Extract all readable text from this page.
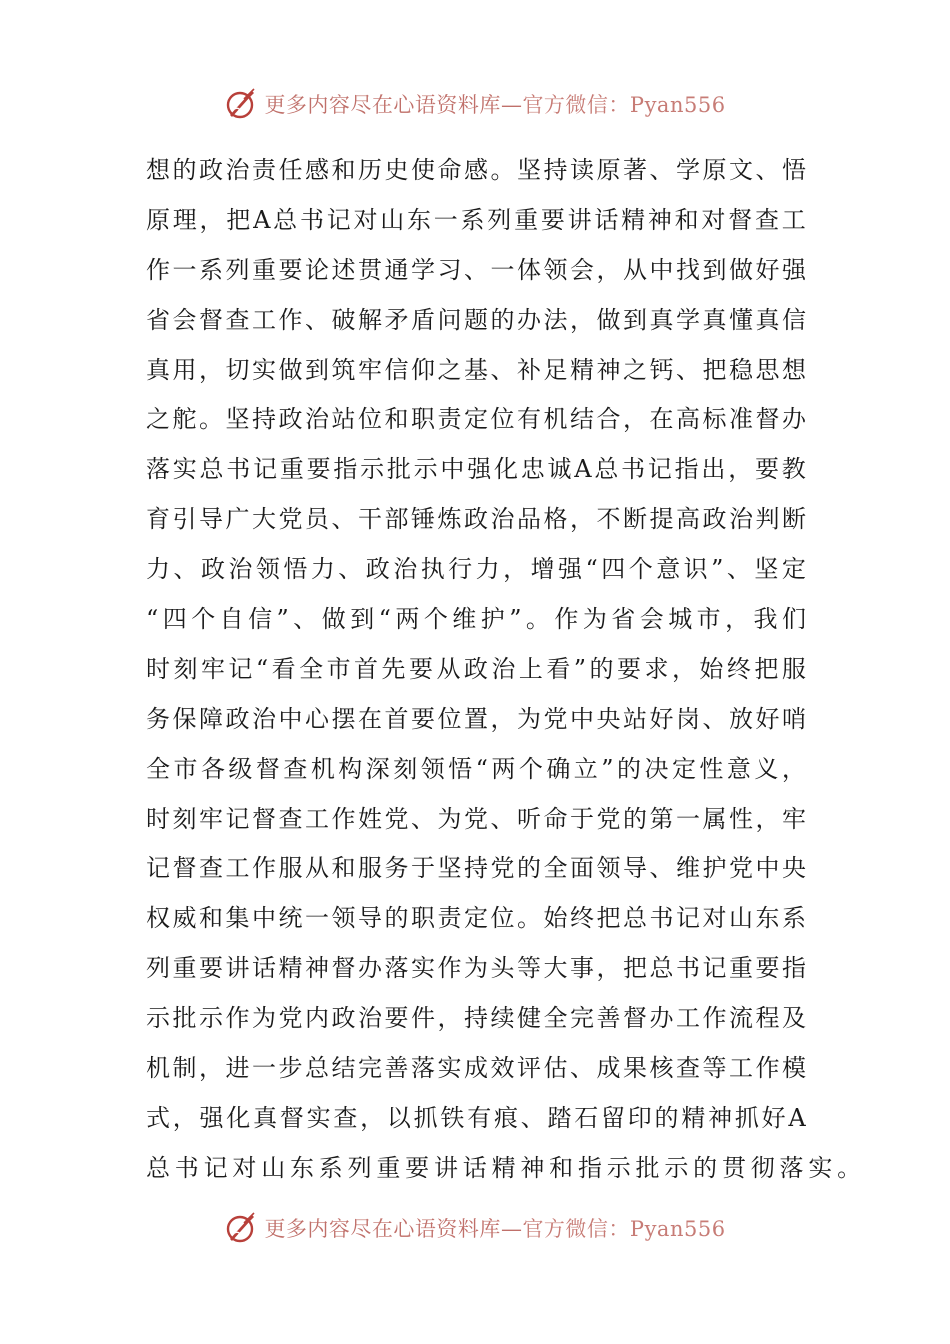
更多内容尽在心语资料库—官方微信：Pyan556
想 的 政 治 责 任 感 和 历 史 使 命 感 。 坚 持 读 原 著 、 学 原 文 、 悟
原 理 ， 把 A 总 书 记 对 山 东 一 系 列 重 要 讲 话 精 神 和 对 督 查 工
作 一 系 列 重 要 论 述 贯 通 学 习 、 一 体 领 会 ， 从 中 找 到 做 好 强
省 会 督 查 工 作 、 破 解 矛 盾 问 题 的 办 法 ， 做 到 真 学 真 懂 真 信
真 用 ， 切 实 做 到 筑 牢 信 仰 之 基 、 补 足 精 神 之 钙 、 把 稳 思 想
之 舵 。 坚 持 政 治 站 位 和 职 责 定 位 有 机 结 合 ， 在 高 标 准 督 办
落 实 总 书 记 重 要 指 示 批 示 中 强 化 忠 诚 A 总 书 记 指 出 ， 要 教
育 引 导 广 大 党 员 、 干 部 锤 炼 政 治 品 格 ， 不 断 提 高 政 治 判 断
力 、 政 治 领 悟 力 、 政 治 执 行 力 ， 增 强 “ 四 个 意 识 ” 、 坚 定
“ 四 个 自 信 ” 、 做 到 “ 两 个 维 护 ” 。 作 为 省 会 城 市 ， 我 们
时 刻 牢 记 “ 看 全 市 首 先 要 从 政 治 上 看 ” 的 要 求 ， 始 终 把 服
务 保 障 政 治 中 心 摆 在 首 要 位 置 ， 为 党 中 央 站 好 岗 、 放 好 哨
全 市 各 级 督 查 机 构 深 刻 领 悟 “ 两 个 确 立 ” 的 决 定 性 意 义 ，
时 刻 牢 记 督 查 工 作 姓 党 、 为 党 、 听 命 于 党 的 第 一 属 性 ， 牢
记 督 查 工 作 服 从 和 服 务 于 坚 持 党 的 全 面 领 导 、 维 护 党 中 央
权 威 和 集 中 统 一 领 导 的 职 责 定 位 。 始 终 把 总 书 记 对 山 东 系
列 重 要 讲 话 精 神 督 办 落 实 作 为 头 等 大 事 ， 把 总 书 记 重 要 指
示 批 示 作 为 党 内 政 治 要 件 ， 持 续 健 全 完 善 督 办 工 作 流 程 及
机 制 ， 进 一 步 总 结 完 善 落 实 成 效 评 估 、 成 果 核 查 等 工 作 模
式 ， 强 化 真 督 实 查 ， 以 抓 铁 有 痕 、 踏 石 留 印 的 精 神 抓 好 A
总 书 记 对 山 东 系 列 重 要 讲 话 精 神 和 指 示 批 示 的 贯 彻 落 实 。
更多内容尽在心语资料库—官方微信：Pyan556
